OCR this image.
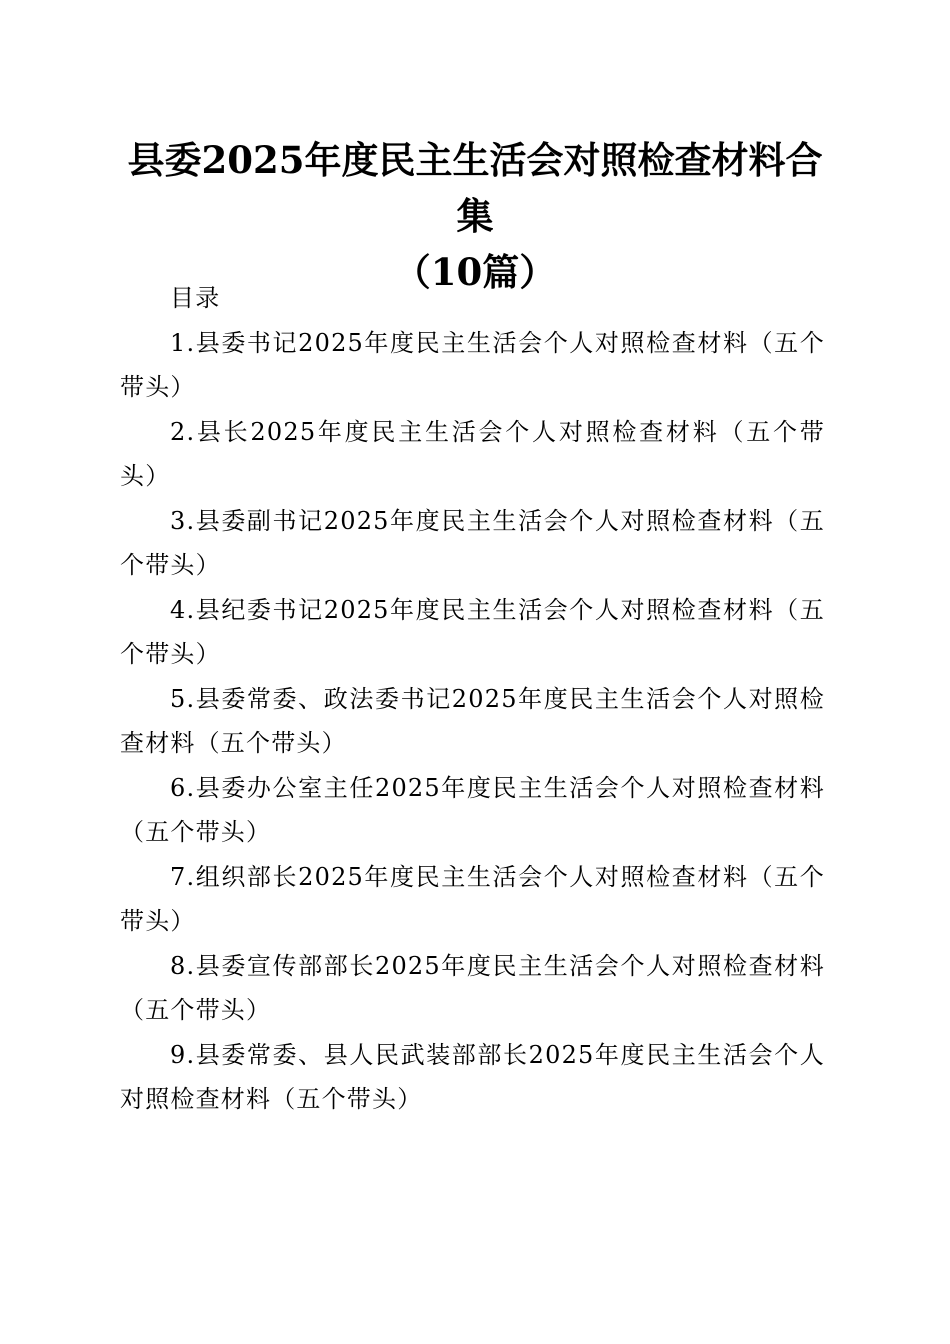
县委2025年度民主生活会对照检查材料合集
（10篇）

目录

1.县委书记2025年度民主生活会个人对照检查材料（五个带头）

2.县长2025年度民主生活会个人对照检查材料（五个带头）

3.县委副书记2025年度民主生活会个人对照检查材料（五个带头）

4.县纪委书记2025年度民主生活会个人对照检查材料（五个带头）

5.县委常委、政法委书记2025年度民主生活会个人对照检查材料（五个带头）

6.县委办公室主任2025年度民主生活会个人对照检查材料（五个带头）

7.组织部长2025年度民主生活会个人对照检查材料（五个带头）

8.县委宣传部部长2025年度民主生活会个人对照检查材料（五个带头）

9.县委常委、县人民武装部部长2025年度民主生活会个人对照检查材料（五个带头）
